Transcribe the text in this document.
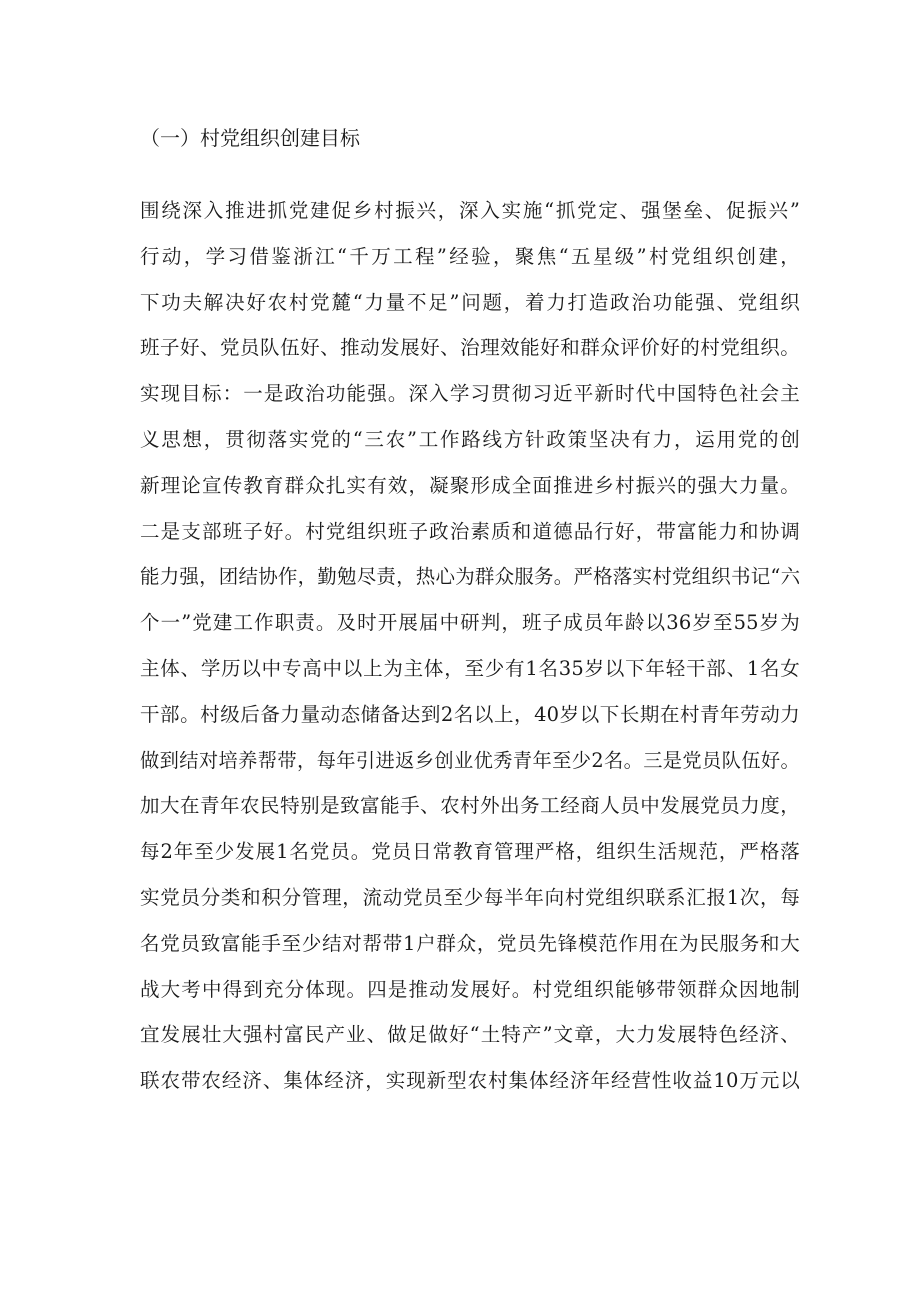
（一）村党组织创建目标
围绕深入推进抓党建促乡村振兴，深入实施“抓党定、强堡垒、促振兴”
行动，学习借鉴浙江“千万工程”经验，聚焦“五星级”村党组织创建，
下功夫解决好农村党麓“力量不足”问题，着力打造政治功能强、党组织
班子好、党员队伍好、推动发展好、治理效能好和群众评价好的村党组织。
实现目标：一是政治功能强。深入学习贯彻习近平新时代中国特色社会主
义思想，贯彻落实党的“三农”工作路线方针政策坚决有力，运用党的创
新理论宣传教育群众扎实有效，凝聚形成全面推进乡村振兴的强大力量。
二是支部班子好。村党组织班子政治素质和道德品行好，带富能力和协调
能力强，团结协作，勤勉尽责，热心为群众服务。严格落实村党组织书记“六
个一”党建工作职责。及时开展届中研判，班子成员年龄以36岁至55岁为
主体、学历以中专高中以上为主体，至少有1名35岁以下年轻干部、1名女
干部。村级后备力量动态储备达到2名以上，40岁以下长期在村青年劳动力
做到结对培养帮带，每年引进返乡创业优秀青年至少2名。三是党员队伍好。
加大在青年农民特别是致富能手、农村外出务工经商人员中发展党员力度，
每2年至少发展1名党员。党员日常教育管理严格，组织生活规范，严格落
实党员分类和积分管理，流动党员至少每半年向村党组织联系汇报1次，每
名党员致富能手至少结对帮带1户群众，党员先锋模范作用在为民服务和大
战大考中得到充分体现。四是推动发展好。村党组织能够带领群众因地制
宜发展壮大强村富民产业、做足做好“土特产”文章，大力发展特色经济、
联农带农经济、集体经济，实现新型农村集体经济年经营性收益10万元以
